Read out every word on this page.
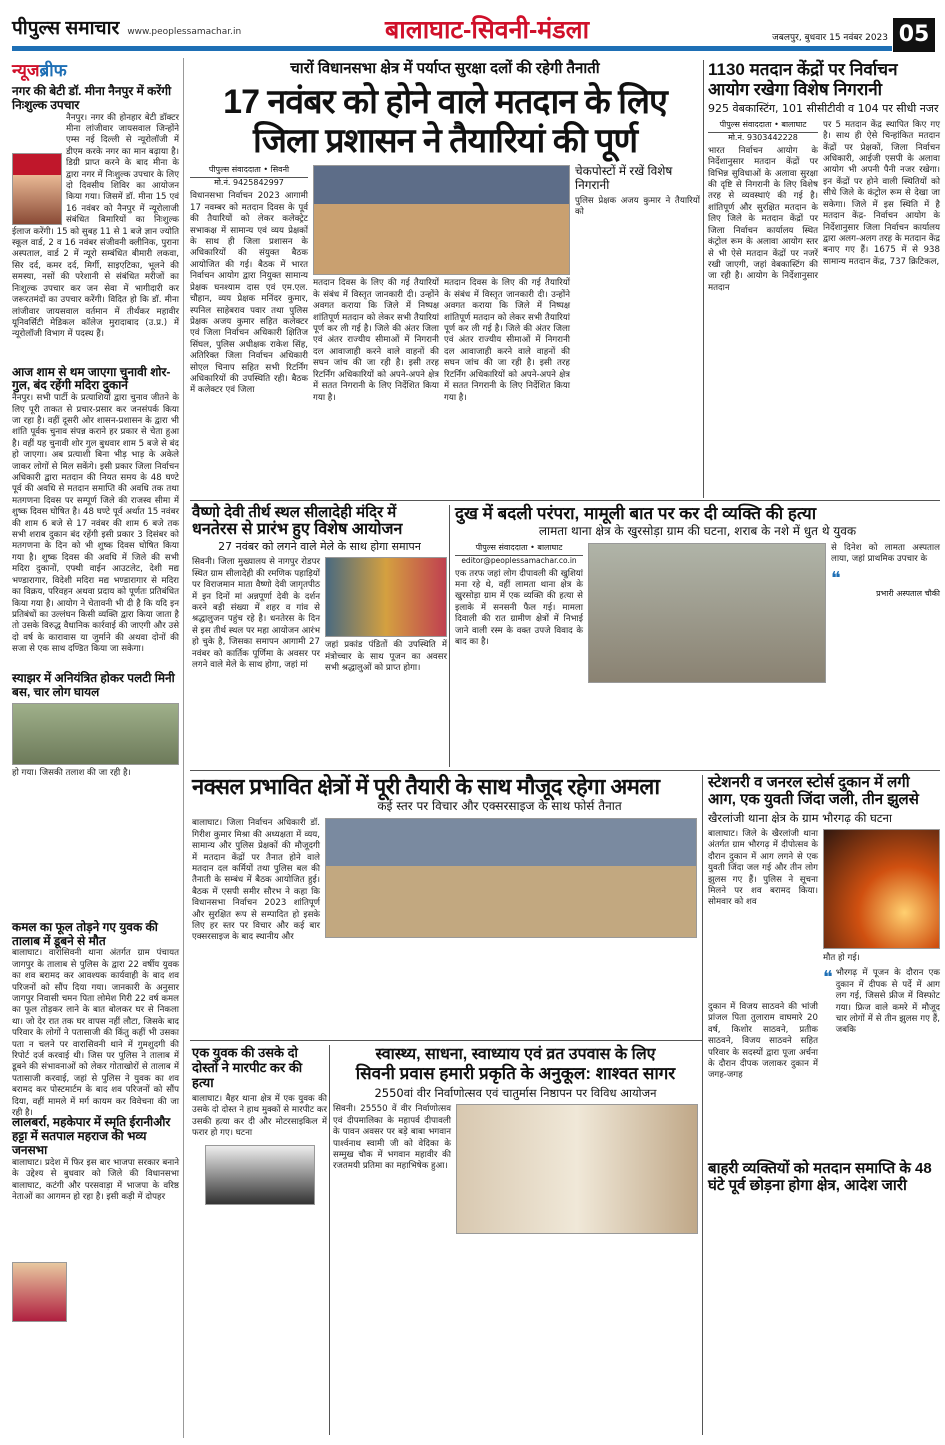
पीपुल्स समाचार www.peoplessamachar.in	बालाघाट-सिवनी-मंडला	जबलपुर, बुधवार 15 नवंबर 2023 05
न्यूजब्रीफ
नगर की बेटी डॉ. मीना नैनपुर में करेंगी निःशुल्क उपचार
नैनपुर। नगर की होनहार बेटी डॉक्टर मीना लांजीवार जायसवाल जिन्होंने एम्स नई दिल्ली से न्यूरोलॉजी में डीएम करके नगर का मान बढ़ाया है। डिग्री प्राप्त करने के बाद मीना के द्वारा नगर में निःशुल्क उपचार के लिए दो दिवसीय शिविर का आयोजन किया गया। जिसमें डॉ. मीना 15 एवं 16 नवंबर को नैनपुर में न्यूरोलाजी संबंधित बिमारियों का निःशुल्क ईलाज करेंगी। 15 को सुबह 11 से 1 बजे ज्ञान ज्योति स्कूल वार्ड, 2 व 16 नवंबर संजीवनी क्लीनिक, पुराना अस्पताल, वार्ड 2 में न्यूरो सम्बंधित बीमारी लकवा, सिर दर्द, कमर दर्द, मिर्गी, साइएटिका, भूलने की समस्या, नसों की परेशानी से संबंधित मरीजों का निःशुल्क उपचार कर जन सेवा में भागीदारी कर जरूरतमंदों का उपचार करेंगी। विदित हो कि डॉ. मीना लांजीवार जायसवाल वर्तमान में तीर्थंकर महावीर यूनिवर्सिटी मेडिकल कॉलेज मुरादाबाद (उ.प्र.) में न्यूरोलॉजी विभाग में पदस्थ हैं।
आज शाम से थम जाएगा चुनावी शोर-गुल, बंद रहेंगी मदिरा दुकानें
नैनपुर। सभी पार्टी के प्रत्याशियों द्वारा चुनाव जीतने के लिए पूरी ताकत से प्रचार-प्रसार कर जनसंपर्क किया जा रहा है। वहीं दूसरी ओर शासन-प्रशासन के द्वारा भी शांति पूर्वक चुनाव संपन्न कराने हर प्रकार से चेता हुआ है। वहीं यह चुनावी शोर गुल बुधवार शाम 5 बजे से बंद हो जाएगा। अब प्रत्याशी बिना भीड़ भाड़ के अकेले जाकर लोगों से मिल सकेंगे। इसी प्रकार जिला निर्वाचन अधिकारी द्वारा मतदान की नियत समय के 48 घण्टे पूर्व की अवधि से मतदान समाप्ति की अवधि तक तथा मतगणना दिवस पर सम्पूर्ण जिले की राजस्व सीमा में शुष्क दिवस घोषित है। 48 घण्टे पूर्व अर्थात 15 नवंबर की शाम 6 बजे से 17 नवंबर की शाम 6 बजे तक सभी शराब दुकान बंद रहेंगी इसी प्रकार 3 दिसंबर को मतगणना के दिन को भी शुष्क दिवस घोषित किया गया है। शुष्क दिवस की अवधि में जिले की सभी मदिरा दुकानों, एफ्थी वाईन आउटलेट, देशी मद्य भण्डारागार, विदेशी मदिरा मद्य भण्डारागार से मदिरा का विक्रय, परिवहन अथवा प्रदाय को पूर्णतः प्रतिबंधित किया गया है। आयोग ने चेतावनी भी दी है कि यदि इन प्रतिबंधों का उल्लंघन किसी व्यक्ति द्वारा किया जाता है तो उसके विरुद्ध वैधानिक कार्रवाई की जाएगी और उसे दो वर्ष के कारावास या जुर्माने की अथवा दोनों की सजा से एक साथ दण्डित किया जा सकेगा।
स्याझर में अनियंत्रित होकर पलटी मिनी बस, चार लोग घायल
हो गया। जिसकी तलाश की जा रही है।
कमल का फूल तोड़ने गए युवक की तालाब में डूबने से मौत
बालाघाट। वारासिवनी थाना अंतर्गत ग्राम पंचायत जागपुर के तालाब से पुलिस के द्वारा 22 वर्षीय युवक का शव बरामद कर आवश्यक कार्यवाही के बाद शव परिजनों को सौंप दिया गया। जानकारी के अनुसार जागपुर निवासी चमन पिता लोमेश गिरी 22 वर्ष कमल का फूल तोड़कर लाने के बात बोलकर घर से निकला था। जो देर रात तक घर वापस नहीं लौटा, जिसके बाद परिवार के लोगों ने पतासाजी की किंतु कहीं भी उसका पता न चलने पर वारासिवनी थाने में गुमशुदगी की रिपोर्ट दर्ज करवाई थी। जिस पर पुलिस ने तालाब में डूबने की संभावनाओं को लेकर गोताखोरों से तालाब में पतासाजी करवाई, जहां से पुलिस ने युवक का शव बरामद कर पोस्टमार्टम के बाद शव परिजनों को सौंप दिया, वहीं मामले में मर्ग कायम कर विवेचना की जा रही है।
लालबर्रा, महकेपार में स्मृति ईरानीऔर हट्टा में सतपाल महराज की भव्य जनसभा
बालाघाट। प्रदेश में फिर इस बार भाजपा सरकार बनाने के उद्देश्य से बुधवार को जिले की विधानसभा बालाघाट, कटंगी और परसवाड़ा में भाजपा के वरिष्ठ नेताओं का आगमन हो रहा है। इसी कड़ी में दोपहर
चारों विधानसभा क्षेत्र में पर्याप्त सुरक्षा दलों की रहेगी तैनाती
17 नवंबर को होने वाले मतदान के लिए
जिला प्रशासन ने तैयारियां की पूर्ण
पीपुल्स संवाददाता • सिवनी
मो.नं. 9425842997
विधानसभा निर्वाचन 2023 आगामी 17 नवम्बर को मतदान दिवस के पूर्व की तैयारियों को लेकर कलेक्ट्रेट सभाकक्ष में सामान्य एवं व्यय प्रेक्षकों के साथ ही जिला प्रशासन के अधिकारियों की संयुक्त बैठक आयोजित की गई। बैठक में भारत निर्वाचन आयोग द्वारा नियुक्त सामान्य प्रेक्षक घनश्याम दास एवं एम.एल. चौहान, व्यय प्रेक्षक मनिंदर कुमार, स्पनिल साहेबराव पवार तथा पुलिस प्रेक्षक अजय कुमार सहित कलेक्टर एवं जिला निर्वाचन अधिकारी क्षितिज सिंघल, पुलिस अधीक्षक राकेश सिंह, अतिरिक्त जिला निर्वाचन अधिकारी सोएल चिनाप सहित सभी रिटर्निंग अधिकारियों की उपस्थिति रही। बैठक में कलेक्टर एवं जिला
मतदान दिवस के लिए की गई तैयारियों के संबंध में विस्तृत जानकारी दी। उन्होंने अवगत कराया कि जिले में निष्पक्ष शांतिपूर्ण मतदान को लेकर सभी तैयारियां पूर्ण कर ली गई है। जिले की अंतर जिला एवं अंतर राज्यीय सीमाओं में निगरानी दल आवाजाही करने वाले वाहनों की सघन जांच की जा रही है। इसी तरह रिटर्निंग अधिकारियों को अपने-अपने क्षेत्र में सतत निगरानी के लिए निर्देशित किया गया है।
मतदान दिवस के लिए की गई तैयारियों के संबंध में विस्तृत जानकारी दी। उन्होंने अवगत कराया कि जिले में निष्पक्ष शांतिपूर्ण मतदान को लेकर सभी तैयारियां पूर्ण कर ली गई है। जिले की अंतर जिला एवं अंतर राज्यीय सीमाओं में निगरानी दल आवाजाही करने वाले वाहनों की सघन जांच की जा रही है। इसी तरह रिटर्निंग अधिकारियों को अपने-अपने क्षेत्र में सतत निगरानी के लिए निर्देशित किया गया है।
चेकपोस्टों में रखें विशेष निगरानी
पुलिस प्रेक्षक अजय कुमार ने तैयारियों को
1130 मतदान केंद्रों पर निर्वाचन आयोग रखेगा विशेष निगरानी
925 वेबकास्टिंग, 101 सीसीटीवी व 104 पर सीधी नजर
पीपुल्स संवाददाता • बालाघाट
मो.नं. 9303442228
भारत निर्वाचन आयोग के निर्देशानुसार मतदान केंद्रों पर विभिन्न सुविधाओं के अलावा सुरक्षा की दृष्टि से निगरानी के लिए विशेष तरह से व्यवस्थाएं की गई है। शांतिपूर्ण और सुरक्षित मतदान के लिए जिले के मतदान केंद्रों पर जिला निर्वाचन कार्यालय स्थित कंट्रोल रूम के अलावा आयोग स्तर से भी ऐसे मतदान केंद्रों पर नजरें रखी जाएगी, जहां वेबकास्टिंग की जा रही है। आयोग के निर्देशानुसार मतदान
पर 5 मतदान केंद्र स्थापित किए गए है। साथ ही ऐसे चिन्हांकित मतदान केंद्रों पर प्रेक्षकों, जिला निर्वाचन अधिकारी, आईजी एसपी के अलावा आयोग भी अपनी पैनी नजर रखेगा। इन केंद्रों पर होने वाली स्थितियों को सीधे जिले के कंट्रोल रूम से देखा जा सकेगा। जिले में इस स्थिति में है मतदान केंद्र- निर्वाचन आयोग के निर्देशानुसार जिला निर्वाचन कार्यालय द्वारा अलग-अलग तरह के मतदान केंद्र बनाए गए हैं। 1675 में से 938 सामान्य मतदान केंद्र, 737 क्रिटिकल,
वैष्णो देवी तीर्थ स्थल सीलादेही मंदिर में
धनतेरस से प्रारंभ हुए विशेष आयोजन
27 नवंबर को लगने वाले मेले के साथ होगा समापन
सिवनी। जिला मुख्यालय से नागपुर रोडपर स्थित ग्राम सीलादेही की रमणिक पहाड़ियों पर विराजमान माता वैष्णो देवी जागृतपीठ में इन दिनों मां अन्नपूर्णा देवी के दर्शन करने बड़ी संख्या में शहर व गांव से श्रद्धालुजन पहुंच रहे है। धनतेरस के दिन से इस तीर्थ स्थल पर महा आयोजन आरंभ हो चुके है, जिसका समापन आगामी 27 नवंबर को कार्तिक पूर्णिमा के अवसर पर लगने वाले मेले के साथ होगा, जहां मां
जहां प्रकांड पंडितों की उपस्थिति में मंत्रोच्चार के साथ पूजन का अवसर सभी श्रद्धालुओं को प्राप्त होगा।
दुख में बदली परंपरा, मामूली बात पर कर दी व्यक्ति की हत्या
लामता थाना क्षेत्र के खुरसोड़ा ग्राम की घटना, शराब के नशे में धुत थे युवक
पीपुल्स संवाददाता • बालाघाट
editor@peoplessamachar.co.in
एक तरफ जहां लोग दीपावली की खुशियां मना रहे थे, वहीं लामता थाना क्षेत्र के खुरसोड़ा ग्राम में एक व्यक्ति की हत्या से इलाके में सनसनी फैल गई। मामला दिवाली की रात ग्रामीण क्षेत्रों में निभाई जाने वाली रस्म के वक्त उपजे विवाद के बाद का है।
से दिनेश को लामता अस्पताल लाया, जहां प्राथमिक उपचार के
❝
प्रभारी अस्पताल चौकी
नक्सल प्रभावित क्षेत्रों में पूरी तैयारी के साथ मौजूद रहेगा अमला
कई स्तर पर विचार और एक्सरसाइज के साथ फोर्स तैनात
बालाघाट। जिला निर्वाचन अधिकारी डॉ. गिरीश कुमार मिश्रा की अध्यक्षता में व्यय, सामान्य और पुलिस प्रेक्षकों की मौजूदगी में मतदान केंद्रों पर तैनात होने वाले मतदान दल कर्मियों तथा पुलिस बल की तैनाती के सम्बंध में बैठक आयोजित हुई। बैठक में एसपी समीर सौरभ ने कहा कि विधानसभा निर्वाचन 2023 शांतिपूर्ण और सुरक्षित रूप से सम्पादित हो इसके लिए हर स्तर पर विचार और कई बार एक्सरसाइज के बाद स्थानीय और
स्टेशनरी व जनरल स्टोर्स दुकान में लगी आग, एक युवती जिंदा जली, तीन झुलसे
खैरलांजी थाना क्षेत्र के ग्राम भौरगढ़ की घटना
बालाघाट। जिले के खैरलांजी थाना अंतर्गत ग्राम भौरगढ़ में दीपोत्सव के दौरान दुकान में आग लगने से एक युवती जिंदा जल गई और तीन लोग झुलस गए हैं। पुलिस ने सूचना मिलने पर शव बरामद किया। सोमवार को शव
दुकान में विजय साठवने की भांजी प्रांजल पिता तुलाराम वाघमारे 20 वर्ष, किशोर साठवने, प्रतीक साठवने, विजय साठवने सहित परिवार के सदस्यों द्वारा पूजा अर्चना के दौरान दीपक जलाकर दुकान में जगह-जगह
मौत हो गई।
❝ भौरगढ़ में पूजन के दौरान एक दुकान में दीपक से पर्दे में आग लग गई, जिससे फ्रीज में विस्फोट गया। फ्रिज वाले कमरे में मौजूद चार लोगों में से तीन झुलस गए हैं, जबकि
एक युवक की उसके दो दोस्तों ने मारपीट कर की हत्या
बालाघाट। बैहर थाना क्षेत्र में एक युवक की उसके दो दोस्त ने हाथ मुक्कों से मारपीट कर उसकी हत्या कर दी और मोटरसाइकिल में फरार हो गए। घटना
स्वास्थ्य, साधना, स्वाध्याय एवं व्रत उपवास के लिए
सिवनी प्रवास हमारी प्रकृति के अनुकूल: शाश्वत सागर
2550वां वीर निर्वाणोत्सव एवं चातुर्मास निष्ठापन पर विविध आयोजन
सिवनी। 25550 वें वीर निर्वाणोत्सव एवं दीपमालिका के महापर्व दीपावली के पावन अवसर पर बड़े बाबा भगवान पार्श्वनाथ स्वामी जी को वेदिका के सम्मुख चौक में भगवान महावीर की रजतमयी प्रतिमा का महाभिषेक हुआ।	बाहरी व्यक्तियों को मतदान समाप्ति के 48 घंटे पूर्व छोड़ना होगा क्षेत्र, आदेश जारी
